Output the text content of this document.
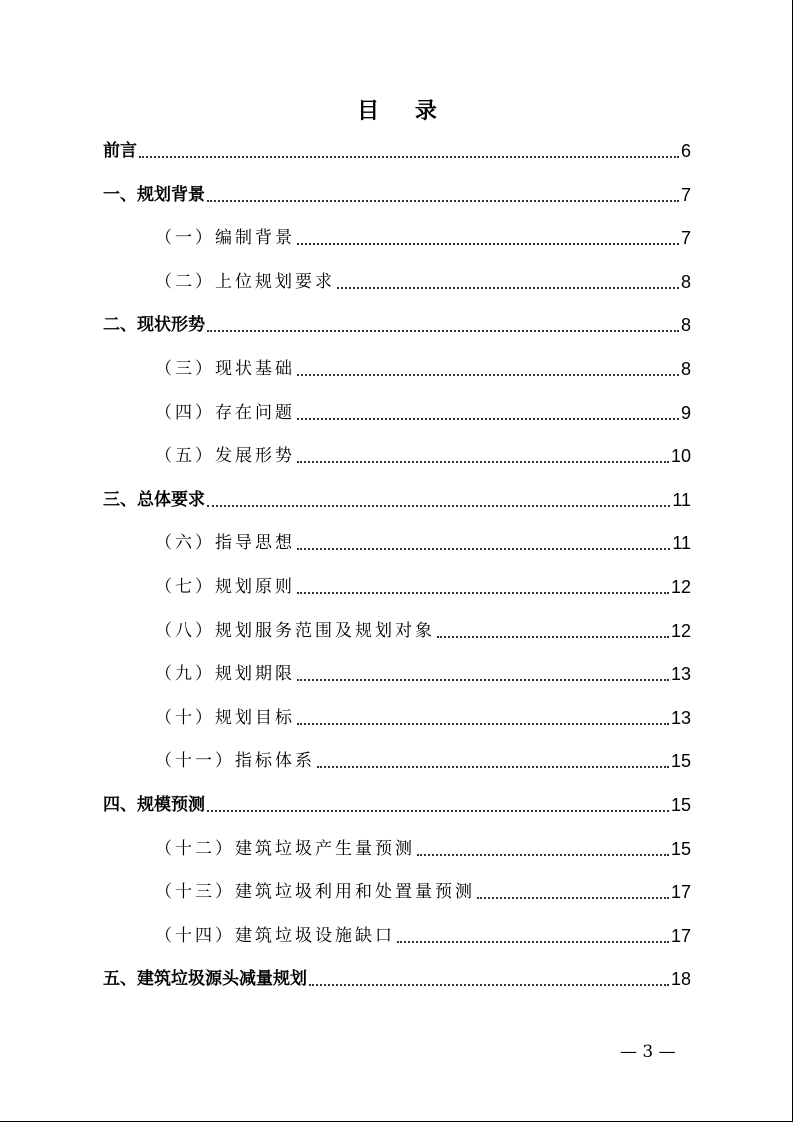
目 录
前言	6
一、规划背景	7
（一）编制背景	7
（二）上位规划要求	8
二、现状形势	8
（三）现状基础	8
（四）存在问题	9
（五）发展形势	10
三、总体要求	11
（六）指导思想	11
（七）规划原则	12
（八）规划服务范围及规划对象	12
（九）规划期限	13
（十）规划目标	13
（十一）指标体系	15
四、规模预测	15
（十二）建筑垃圾产生量预测	15
（十三）建筑垃圾利用和处置量预测	17
（十四）建筑垃圾设施缺口	17
五、建筑垃圾源头减量规划	18
— 3 —
